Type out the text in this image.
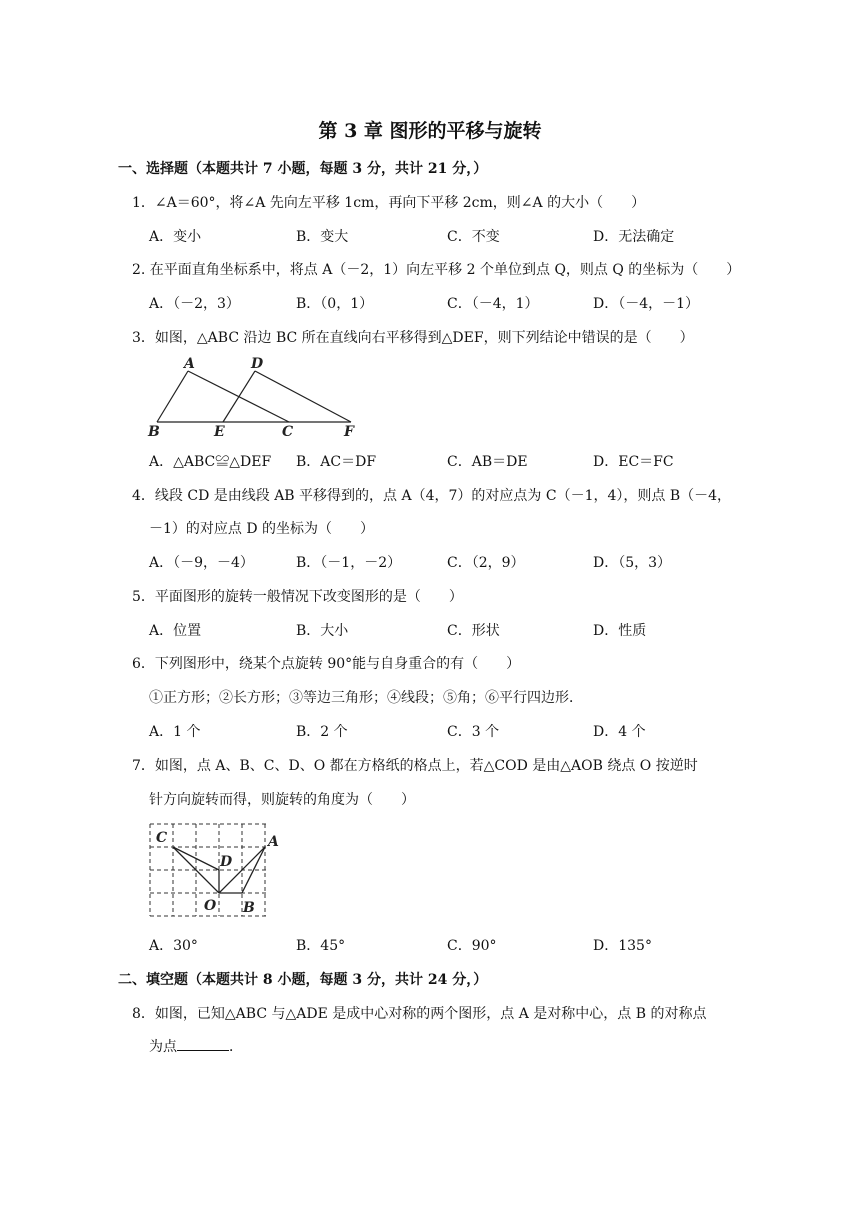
第 3 章 图形的平移与旋转
一、选择题（本题共计 7 小题，每题 3 分，共计 21 分，）
1．∠A＝60°，将∠A 先向左平移 1cm，再向下平移 2cm，则∠A 的大小（　　）
A．变小	B．变大	C．不变	D．无法确定
2. 在平面直角坐标系中，将点 A（－2，1）向左平移 2 个单位到点 Q，则点 Q 的坐标为（　　）
A．（－2，3）	B．（0，1）	C．（－4，1）	D．（－4，－1）
3．如图，△ABC 沿边 BC 所在直线向右平移得到△DEF，则下列结论中错误的是（　　）
A	D
B	E	C	F
A．△ABC≌△DEF B．AC＝DF	C．AB＝DE	D．EC＝FC
4．线段 CD 是由线段 AB 平移得到的，点 A（4，7）的对应点为 C（－1，4），则点 B（－4，
－1）的对应点 D 的坐标为（　　）
A．（－9，－4）	B．（－1，－2）	C．（2，9）	D．（5，3）
5．平面图形的旋转一般情况下改变图形的是（　　）
A．位置	B．大小	C．形状	D．性质
6．下列图形中，绕某个点旋转 90°能与自身重合的有（　　）
①正方形；②长方形；③等边三角形；④线段；⑤角；⑥平行四边形．
A．1 个	B．2 个	C．3 个	D．4 个
7．如图，点 A、B、C、D、O 都在方格纸的格点上，若△COD 是由△AOB 绕点 O 按逆时
针方向旋转而得，则旋转的角度为（　　）
C	A
D
O B
A．30°	B．45°	C．90°	D．135°
二、填空题（本题共计 8 小题，每题 3 分，共计 24 分，）
8．如图，已知△ABC 与△ADE 是成中心对称的两个图形，点 A 是对称中心，点 B 的对称点
为点	．
